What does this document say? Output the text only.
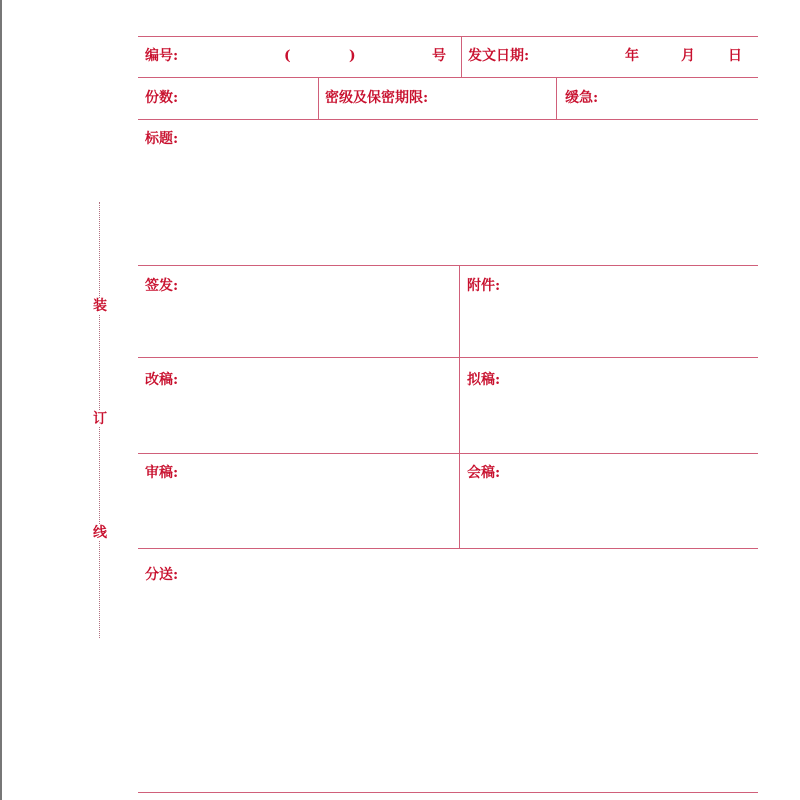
装
订
线
编号:	(	)	号 发文日期:	年	月 日
份数:	密级及保密期限:	缓急:
标题:
签发:	附件:
改稿:	拟稿:
审稿:	会稿:
分送:
